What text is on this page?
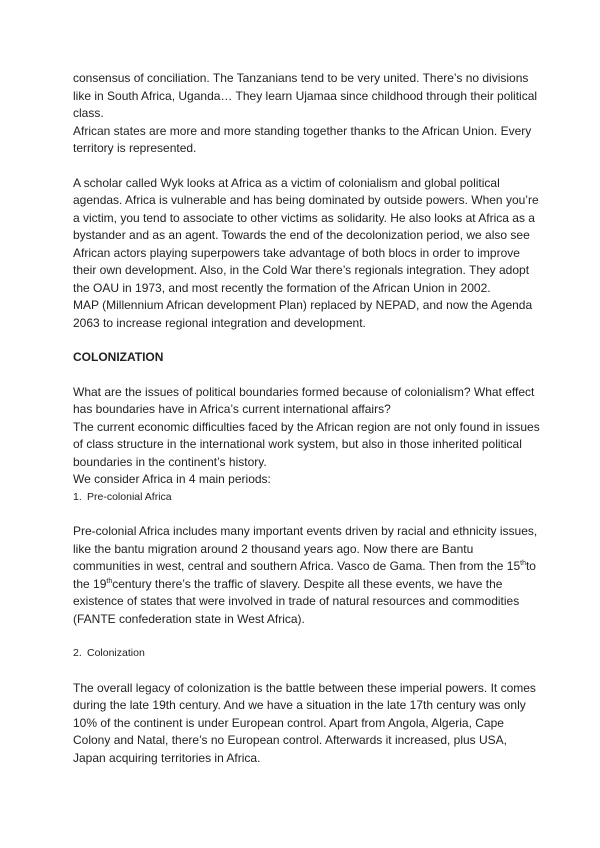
consensus of conciliation. The Tanzanians tend to be very united. There’s no divisions like in South Africa, Uganda… They learn Ujamaa since childhood through their political class.

African states are more and more standing together thanks to the African Union. Every territory is represented.

A scholar called Wyk looks at Africa as a victim of colonialism and global political agendas. Africa is vulnerable and has being dominated by outside powers. When you’re a victim, you tend to associate to other victims as solidarity. He also looks at Africa as a bystander and as an agent. Towards the end of the decolonization period, we also see African actors playing superpowers take advantage of both blocs in order to improve their own development. Also, in the Cold War there’s regionals integration. They adopt the OAU in 1973, and most recently the formation of the African Union in 2002.

MAP (Millennium African development Plan) replaced by NEPAD, and now the Agenda 2063 to increase regional integration and development.

COLONIZATION

What are the issues of political boundaries formed because of colonialism? What effect has boundaries have in Africa’s current international affairs?

The current economic difficulties faced by the African region are not only found in issues of class structure in the international work system, but also in those inherited political boundaries in the continent’s history.

We consider Africa in 4 main periods:

1. Pre-colonial Africa

Pre-colonial Africa includes many important events driven by racial and ethnicity issues, like the bantu migration around 2 thousand years ago. Now there are Bantu communities in west, central and southern Africa. Vasco de Gama. Then from the 15thto the 19thcentury there’s the traffic of slavery. Despite all these events, we have the existence of states that were involved in trade of natural resources and commodities (FANTE confederation state in West Africa).

2. Colonization

The overall legacy of colonization is the battle between these imperial powers. It comes during the late 19th century. And we have a situation in the late 17th century was only 10% of the continent is under European control. Apart from Angola, Algeria, Cape Colony and Natal, there’s no European control. Afterwards it increased, plus USA, Japan acquiring territories in Africa.
